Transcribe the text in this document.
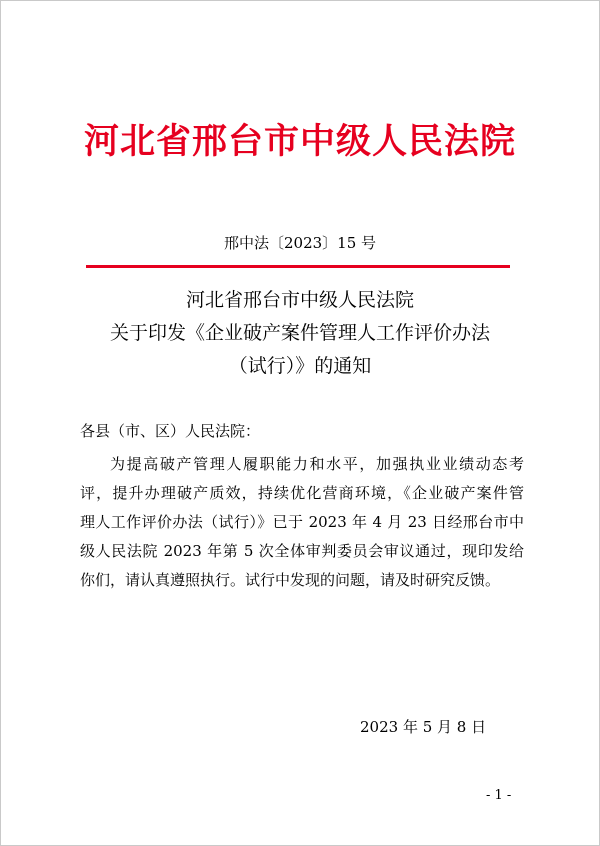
河北省邢台市中级人民法院
邢中法〔2023〕15 号
河北省邢台市中级人民法院
关于印发《企业破产案件管理人工作评价办法
（试行）》的通知
各县（市、区）人民法院：
为提高破产管理人履职能力和水平，加强执业业绩动态考
评，提升办理破产质效，持续优化营商环境，《企业破产案件管
理人工作评价办法（试行）》已于 2023 年 4 月 23 日经邢台市中
级人民法院 2023 年第 5 次全体审判委员会审议通过，现印发给
你们，请认真遵照执行。试行中发现的问题，请及时研究反馈。
2023 年 5 月 8 日
- 1 -
